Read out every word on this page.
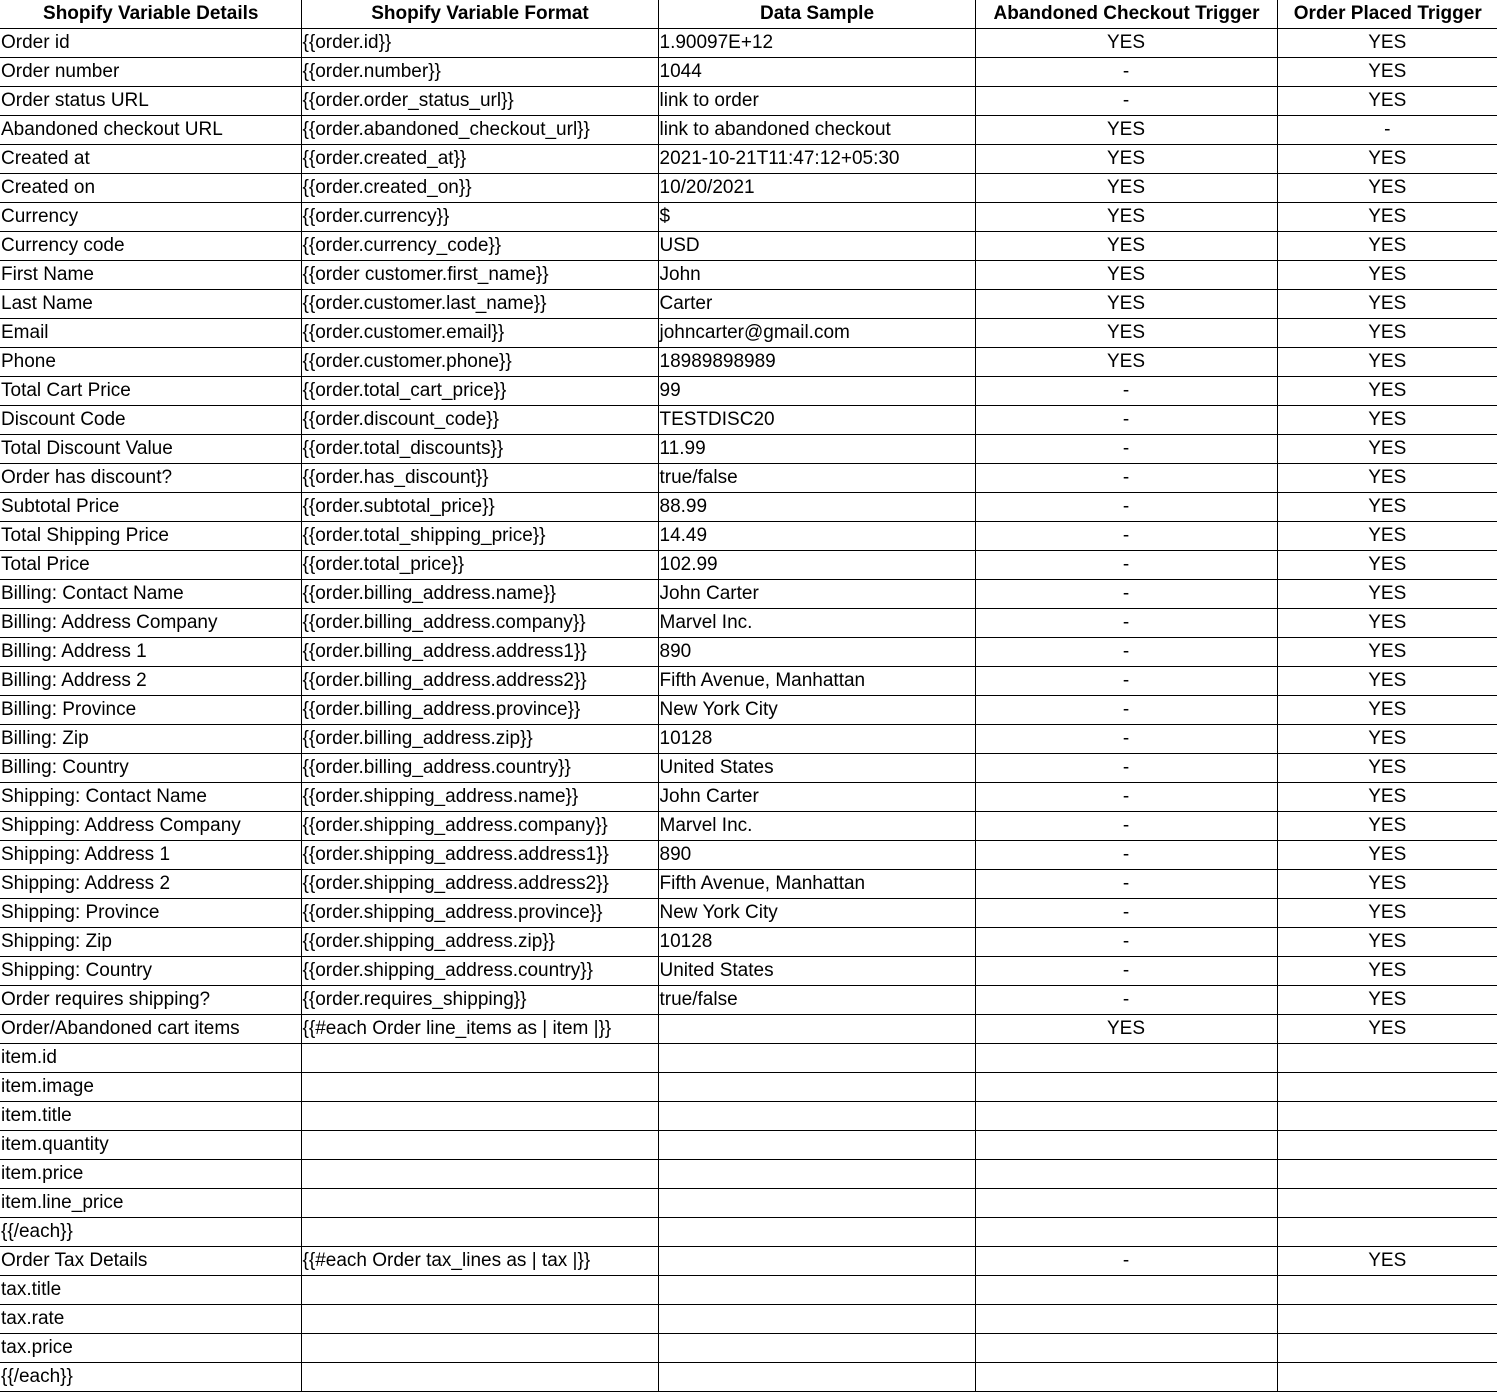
Shopify Variable Details	Shopify Variable Format	Data Sample	Abandoned Checkout Trigger	Order Placed Trigger
Order id	{{order.id}}	1.90097E+12	YES	YES
Order number	{{order.number}}	1044	-	YES
Order status URL	{{order.order_status_url}}	link to order	-	YES
Abandoned checkout URL	{{order.abandoned_checkout_url}}	link to abandoned checkout	YES	-
Created at	{{order.created_at}}	2021-10-21T11:47:12+05:30	YES	YES
Created on	{{order.created_on}}	10/20/2021	YES	YES
Currency	{{order.currency}}	$	YES	YES
Currency code	{{order.currency_code}}	USD	YES	YES
First Name	{{order customer.first_name}}	John	YES	YES
Last Name	{{order.customer.last_name}}	Carter	YES	YES
Email	{{order.customer.email}}	johncarter@gmail.com	YES	YES
Phone	{{order.customer.phone}}	18989898989	YES	YES
Total Cart Price	{{order.total_cart_price}}	99	-	YES
Discount Code	{{order.discount_code}}	TESTDISC20	-	YES
Total Discount Value	{{order.total_discounts}}	11.99	-	YES
Order has discount?	{{order.has_discount}}	true/false	-	YES
Subtotal Price	{{order.subtotal_price}}	88.99	-	YES
Total Shipping Price	{{order.total_shipping_price}}	14.49	-	YES
Total Price	{{order.total_price}}	102.99	-	YES
Billing: Contact Name	{{order.billing_address.name}}	John Carter	-	YES
Billing: Address Company	{{order.billing_address.company}}	Marvel Inc.	-	YES
Billing: Address 1	{{order.billing_address.address1}}	890	-	YES
Billing: Address 2	{{order.billing_address.address2}}	Fifth Avenue, Manhattan	-	YES
Billing: Province	{{order.billing_address.province}}	New York City	-	YES
Billing: Zip	{{order.billing_address.zip}}	10128	-	YES
Billing: Country	{{order.billing_address.country}}	United States	-	YES
Shipping: Contact Name	{{order.shipping_address.name}}	John Carter	-	YES
Shipping: Address Company	{{order.shipping_address.company}}	Marvel Inc.	-	YES
Shipping: Address 1	{{order.shipping_address.address1}}	890	-	YES
Shipping: Address 2	{{order.shipping_address.address2}}	Fifth Avenue, Manhattan	-	YES
Shipping: Province	{{order.shipping_address.province}}	New York City	-	YES
Shipping: Zip	{{order.shipping_address.zip}}	10128	-	YES
Shipping: Country	{{order.shipping_address.country}}	United States	-	YES
Order requires shipping?	{{order.requires_shipping}}	true/false	-	YES
Order/Abandoned cart items	{{#each Order line_items as | item |}}		YES	YES
item.id				
item.image				
item.title				
item.quantity				
item.price				
item.line_price				
{{/each}}				
Order Tax Details	{{#each Order tax_lines as | tax |}}		-	YES
tax.title				
tax.rate				
tax.price				
{{/each}}				
